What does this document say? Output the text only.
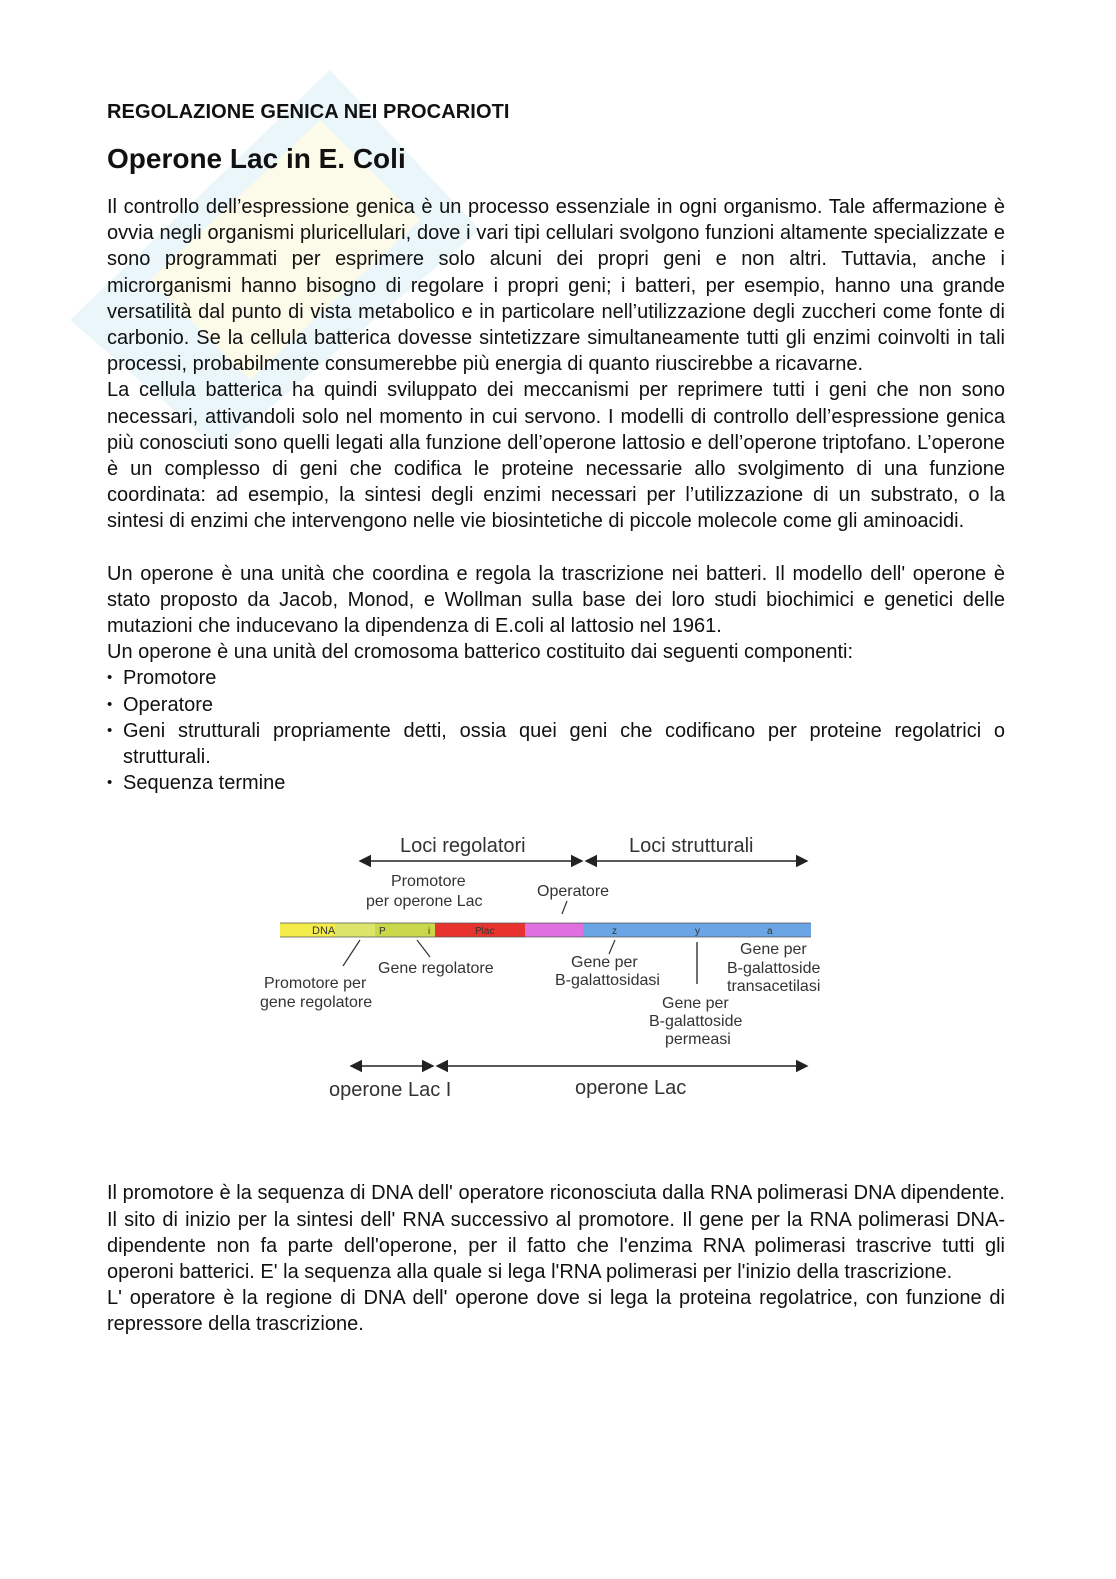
REGOLAZIONE GENICA NEI PROCARIOTI
Operone Lac in E. Coli

Il controllo dell’espressione genica è un processo essenziale in ogni organismo. Tale affermazione è ovvia negli organismi pluricellulari, dove i vari tipi cellulari svolgono funzioni altamente specializzate e sono programmati per esprimere solo alcuni dei propri geni e non altri. Tuttavia, anche i microrganismi hanno bisogno di regolare i propri geni; i batteri, per esempio, hanno una grande versatilità dal punto di vista metabolico e in particolare nell’utilizzazione degli zuccheri come fonte di carbonio. Se la cellula batterica dovesse sintetizzare simultaneamente tutti gli enzimi coinvolti in tali processi, probabilmente consumerebbe più energia di quanto riuscirebbe a ricavarne.

La cellula batterica ha quindi sviluppato dei meccanismi per reprimere tutti i geni che non sono necessari, attivandoli solo nel momento in cui servono. I modelli di controllo dell’espressione genica più conosciuti sono quelli legati alla funzione dell’operone lattosio e dell’operone triptofano. L’operone è un complesso di geni che codifica le proteine necessarie allo svolgimento di una funzione coordinata: ad esempio, la sintesi degli enzimi necessari per l’utilizzazione di un substrato, o la sintesi di enzimi che intervengono nelle vie biosintetiche di piccole molecole come gli aminoacidi.

Un operone è una unità che coordina e regola la trascrizione nei batteri. Il modello dell' operone è stato proposto da Jacob, Monod, e Wollman sulla base dei loro studi biochimici e genetici delle mutazioni che inducevano la dipendenza di E.coli al lattosio nel 1961.

Un operone è una unità del cromosoma batterico costituito dai seguenti componenti:

• Promotore
• Operatore
• Geni strutturali propriamente detti, ossia quei geni che codificano per proteine regolatrici o strutturali.
• Sequenza termine
Loci regolatori	Loci strutturali
Promotore
per operone Lac
Operatore
DNA	P	i	Plac	z	y	a
Promotore per
gene regolatore
Gene regolatore	Gene per
B-galattosidasi
Gene per
B-galattoside
permeasi
Gene per
B-galattoside
transacetilasi
operone Lac I	operone Lac

Il promotore è la sequenza di DNA dell' operatore riconosciuta dalla RNA polimerasi DNA dipendente. Il sito di inizio per la sintesi dell' RNA successivo al promotore. Il gene per la RNA polimerasi DNA-dipendente non fa parte dell'operone, per il fatto che l'enzima RNA polimerasi trascrive tutti gli operoni batterici. E' la sequenza alla quale si lega l'RNA polimerasi per l'inizio della trascrizione.

L' operatore è la regione di DNA dell' operone dove si lega la proteina regolatrice, con funzione di repressore della trascrizione.
